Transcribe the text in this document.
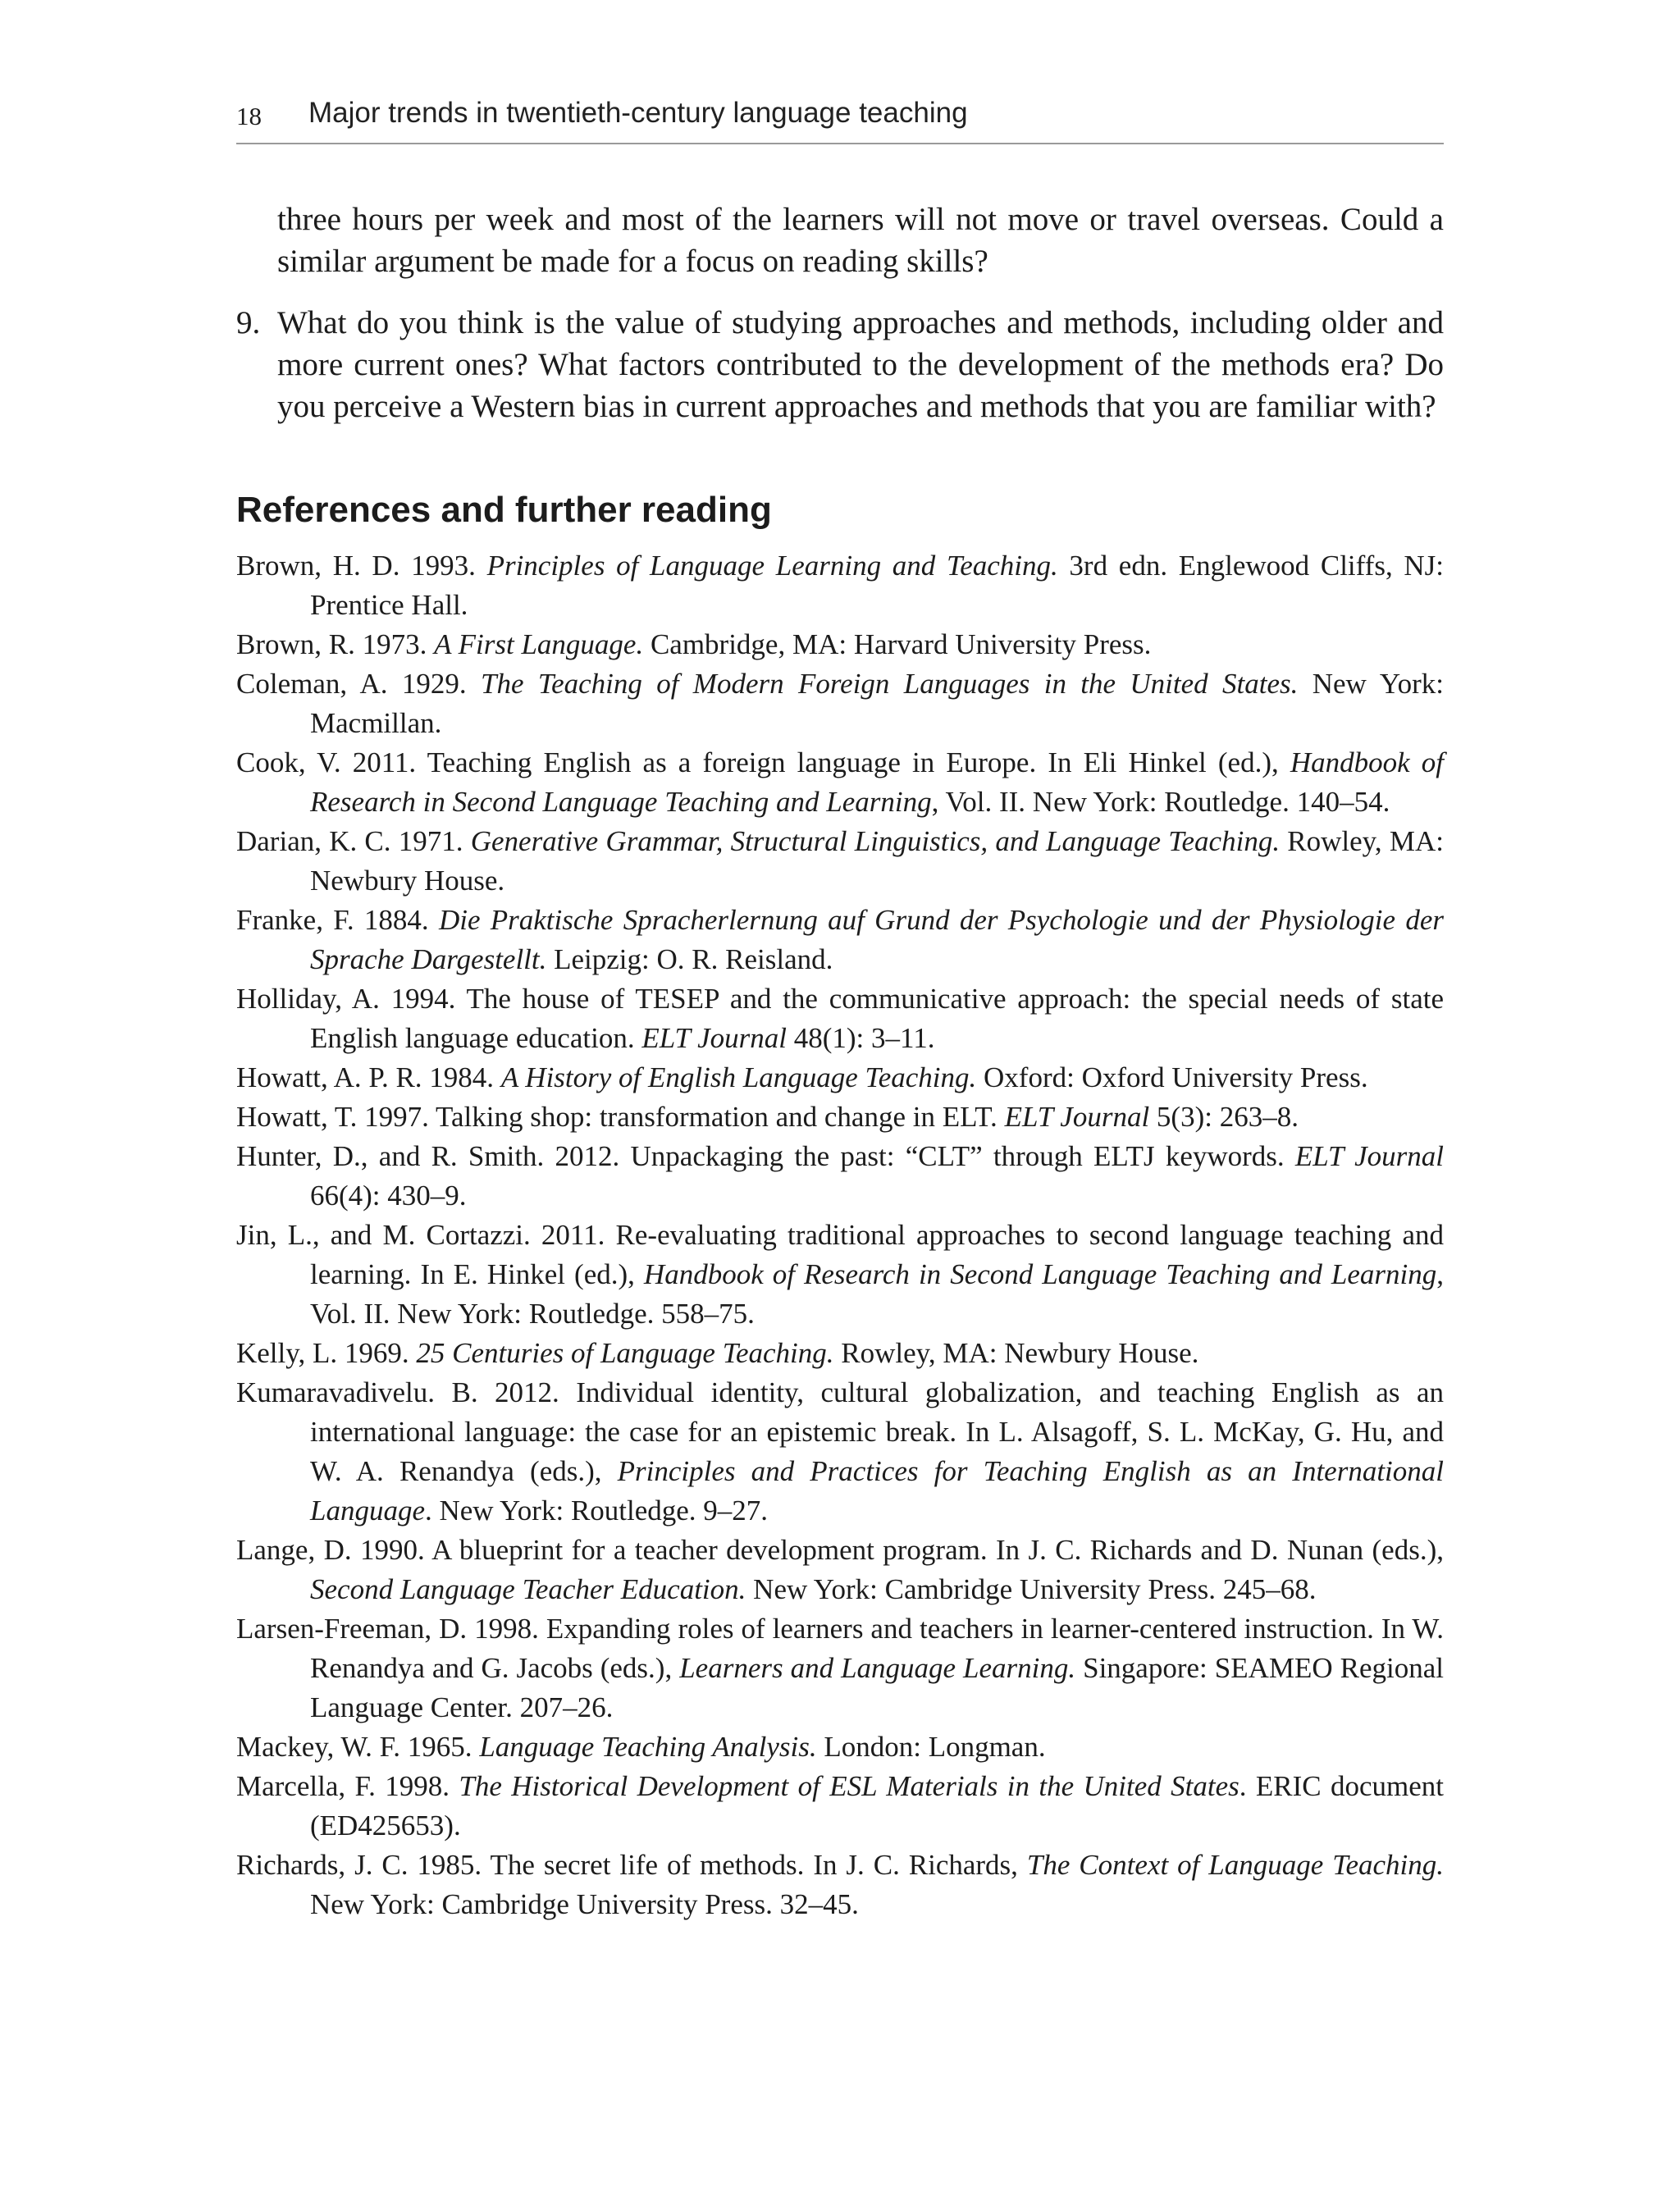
18 Major trends in twentieth-century language teaching

three hours per week and most of the learners will not move or travel overseas. Could a similar argument be made for a focus on reading skills?

9. What do you think is the value of studying approaches and methods, including older and more current ones? What factors contributed to the development of the methods era? Do you perceive a Western bias in current approaches and methods that you are familiar with?
References and further reading
Brown, H. D. 1993. Principles of Language Learning and Teaching. 3rd edn. Englewood Cliffs, NJ: Prentice Hall.
Brown, R. 1973. A First Language. Cambridge, MA: Harvard University Press.
Coleman, A. 1929. The Teaching of Modern Foreign Languages in the United States. New York: Macmillan.
Cook, V. 2011. Teaching English as a foreign language in Europe. In Eli Hinkel (ed.), Handbook of Research in Second Language Teaching and Learning, Vol. II. New York: Routledge. 140–54.
Darian, K. C. 1971. Generative Grammar, Structural Linguistics, and Language Teaching. Rowley, MA: Newbury House.
Franke, F. 1884. Die Praktische Spracherlernung auf Grund der Psychologie und der Physiologie der Sprache Dargestellt. Leipzig: O. R. Reisland.
Holliday, A. 1994. The house of TESEP and the communicative approach: the special needs of state English language education. ELT Journal 48(1): 3–11.
Howatt, A. P. R. 1984. A History of English Language Teaching. Oxford: Oxford University Press.
Howatt, T. 1997. Talking shop: transformation and change in ELT. ELT Journal 5(3): 263–8.
Hunter, D., and R. Smith. 2012. Unpackaging the past: “CLT” through ELTJ keywords. ELT Journal 66(4): 430–9.
Jin, L., and M. Cortazzi. 2011. Re-evaluating traditional approaches to second language teaching and learning. In E. Hinkel (ed.), Handbook of Research in Second Language Teaching and Learning, Vol. II. New York: Routledge. 558–75.
Kelly, L. 1969. 25 Centuries of Language Teaching. Rowley, MA: Newbury House.
Kumaravadivelu. B. 2012. Individual identity, cultural globalization, and teaching English as an international language: the case for an epistemic break. In L. Alsagoff, S. L. McKay, G. Hu, and W. A. Renandya (eds.), Principles and Practices for Teaching English as an International Language. New York: Routledge. 9–27.
Lange, D. 1990. A blueprint for a teacher development program. In J. C. Richards and D. Nunan (eds.), Second Language Teacher Education. New York: Cambridge University Press. 245–68.
Larsen-Freeman, D. 1998. Expanding roles of learners and teachers in learner-centered instruction. In W. Renandya and G. Jacobs (eds.), Learners and Language Learning. Singapore: SEAMEO Regional Language Center. 207–26.
Mackey, W. F. 1965. Language Teaching Analysis. London: Longman.
Marcella, F. 1998. The Historical Development of ESL Materials in the United States. ERIC document (ED425653).
Richards, J. C. 1985. The secret life of methods. In J. C. Richards, The Context of Language Teaching. New York: Cambridge University Press. 32–45.
